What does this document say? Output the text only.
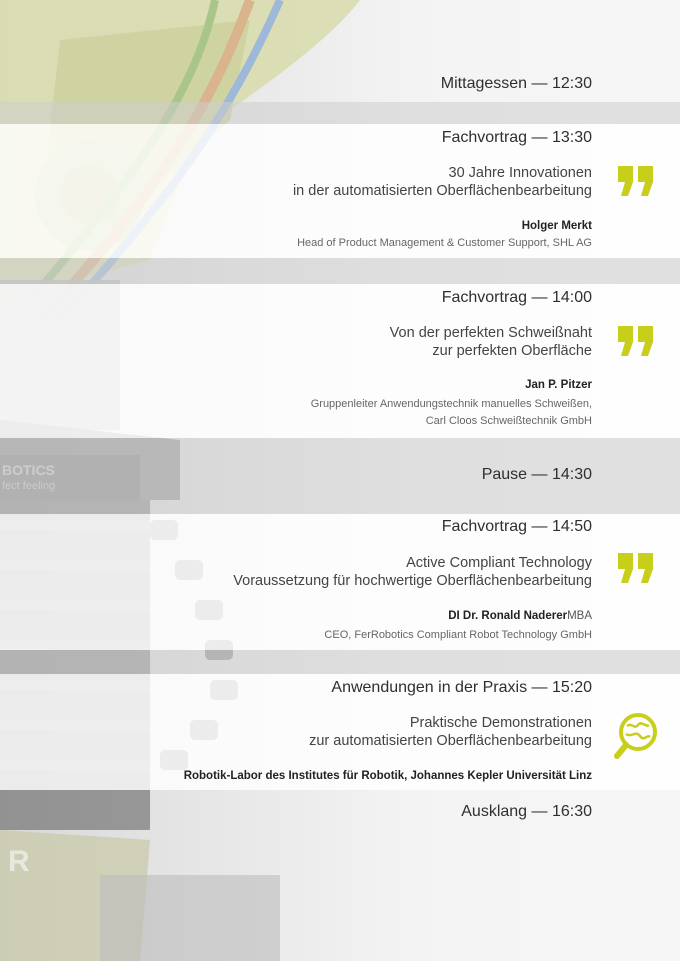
R
Mittagessen — 12:30
Fachvortrag — 13:30
30 Jahre Innovationen
in der automatisierten Oberflächenbearbeitung
Holger Merkt
Head of Product Management & Customer Support, SHL AG
Fachvortrag — 14:00
Von der perfekten Schweißnaht
zur perfekten Oberfläche
Jan P. Pitzer
Gruppenleiter Anwendungstechnik manuelles Schweißen,
Carl Cloos Schweißtechnik GmbH
Pause — 14:30
Fachvortrag — 14:50
Active Compliant Technology
Voraussetzung für hochwertige Oberflächenbearbeitung
DI Dr. Ronald NadererMBA
CEO, FerRobotics Compliant Robot Technology GmbH
Anwendungen in der Praxis — 15:20
Praktische Demonstrationen
zur automatisierten Oberflächenbearbeitung
Robotik-Labor des Institutes für Robotik, Johannes Kepler Universität Linz
Ausklang — 16:30
